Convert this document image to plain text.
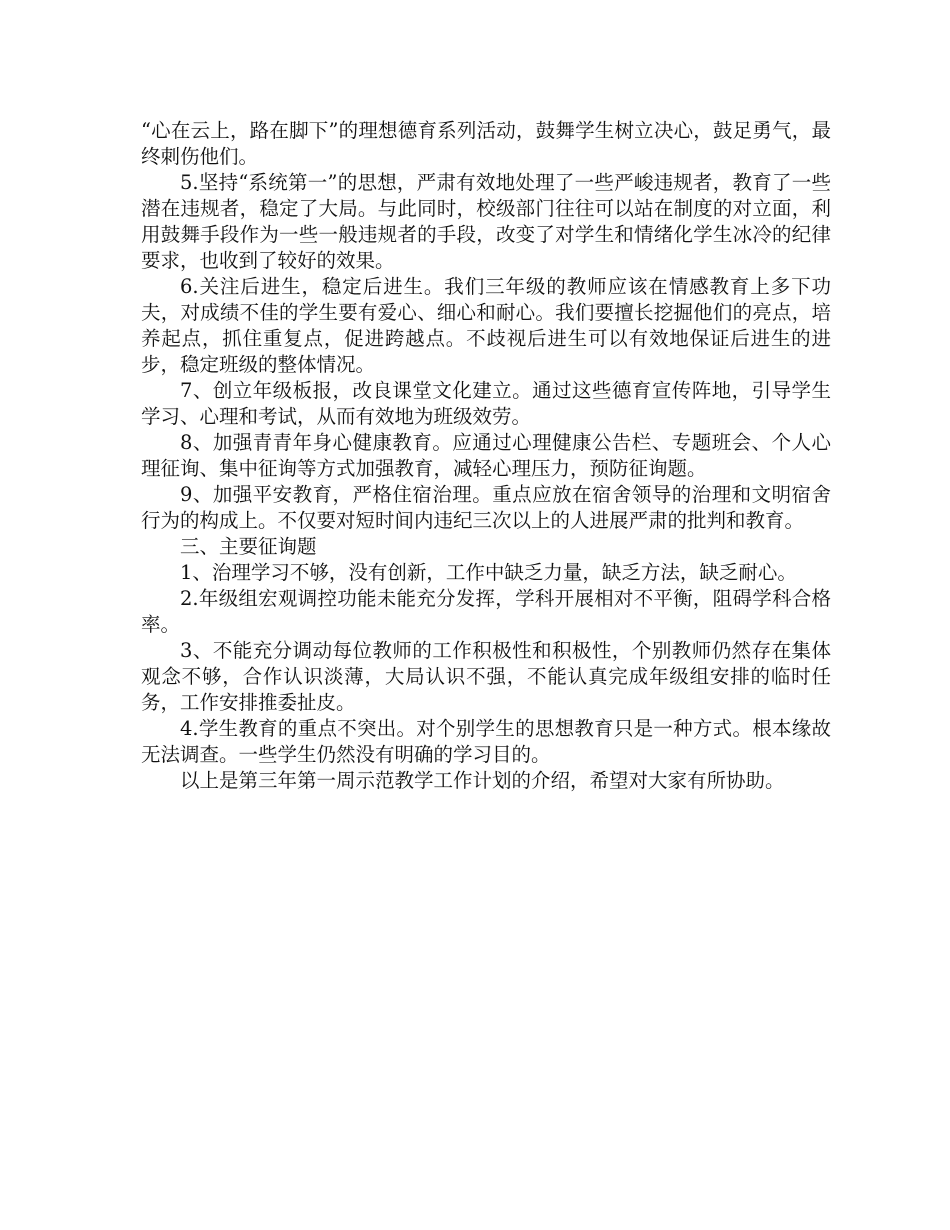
“心在云上，路在脚下”的理想德育系列活动，鼓舞学生树立决心，鼓足勇气，最终刺伤他们。

5.坚持“系统第一”的思想，严肃有效地处理了一些严峻违规者，教育了一些潜在违规者，稳定了大局。与此同时，校级部门往往可以站在制度的对立面，利用鼓舞手段作为一些一般违规者的手段，改变了对学生和情绪化学生冰冷的纪律要求，也收到了较好的效果。

6.关注后进生，稳定后进生。我们三年级的教师应该在情感教育上多下功夫，对成绩不佳的学生要有爱心、细心和耐心。我们要擅长挖掘他们的亮点，培养起点，抓住重复点，促进跨越点。不歧视后进生可以有效地保证后进生的进步，稳定班级的整体情况。

7、创立年级板报，改良课堂文化建立。通过这些德育宣传阵地，引导学生学习、心理和考试，从而有效地为班级效劳。

8、加强青青年身心健康教育。应通过心理健康公告栏、专题班会、个人心理征询、集中征询等方式加强教育，减轻心理压力，预防征询题。

9、加强平安教育，严格住宿治理。重点应放在宿舍领导的治理和文明宿舍行为的构成上。不仅要对短时间内违纪三次以上的人进展严肃的批判和教育。

三、主要征询题

1、治理学习不够，没有创新，工作中缺乏力量，缺乏方法，缺乏耐心。

2.年级组宏观调控功能未能充分发挥，学科开展相对不平衡，阻碍学科合格率。

3、不能充分调动每位教师的工作积极性和积极性，个别教师仍然存在集体观念不够，合作认识淡薄，大局认识不强，不能认真完成年级组安排的临时任务，工作安排推委扯皮。

4.学生教育的重点不突出。对个别学生的思想教育只是一种方式。根本缘故无法调查。一些学生仍然没有明确的学习目的。

以上是第三年第一周示范教学工作计划的介绍，希望对大家有所协助。
